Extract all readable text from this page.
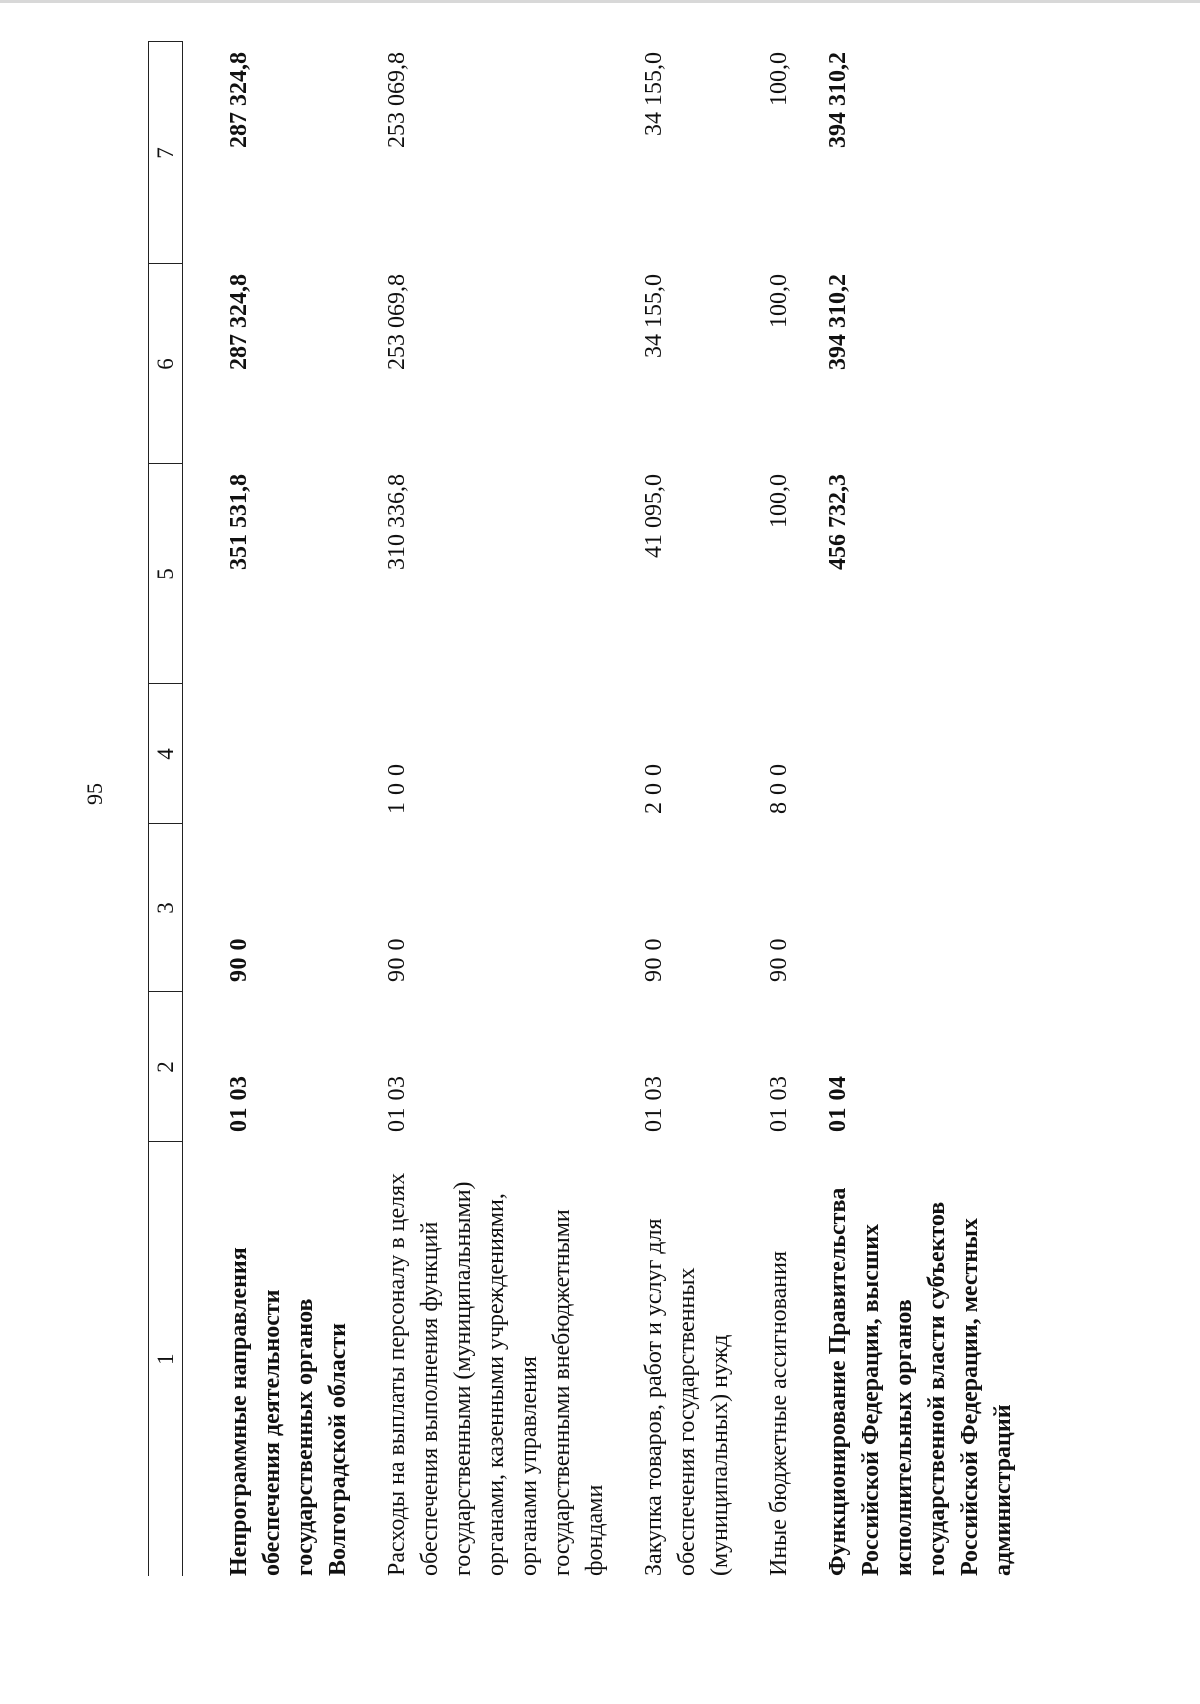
95
1	2	3	4	5	6	7
Непрограммные направления обеспечения деятельности государственных органов Волгоградской области	01 03	90 0		351 531,8	287 324,8	287 324,8
Расходы на выплаты персоналу в целях обеспечения выполнения функций государственными (муниципальными) органами, казенными учреждениями, органами управления государственными внебюджетными фондами	01 03	90 0	1 0 0	310 336,8	253 069,8	253 069,8
Закупка товаров, работ и услуг для обеспечения государственных (муниципальных) нужд	01 03	90 0	2 0 0	41 095,0	34 155,0	34 155,0
Иные бюджетные ассигнования	01 03	90 0	8 0 0	100,0	100,0	100,0
Функционирование Правительства Российской Федерации, высших исполнительных органов государственной власти субъектов Российской Федерации, местных администраций	01 04			456 732,3	394 310,2	394 310,2
